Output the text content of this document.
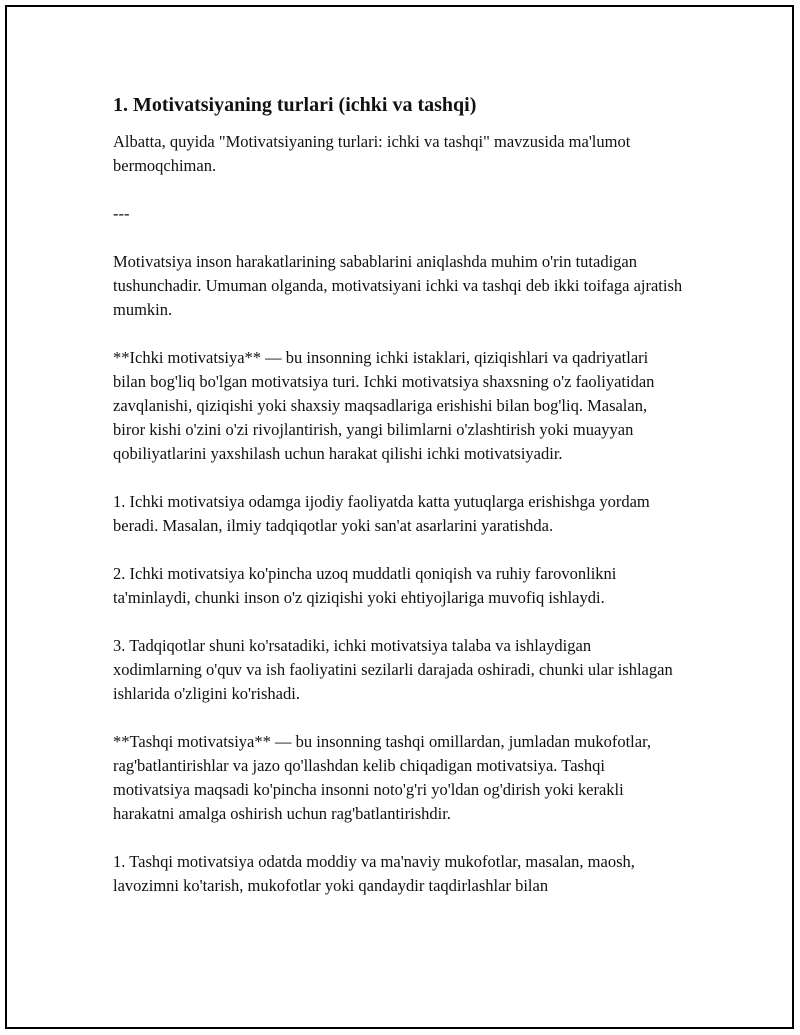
1. Motivatsiyaning turlari (ichki va tashqi)

Albatta, quyida "Motivatsiyaning turlari: ichki va tashqi" mavzusida ma'lumot bermoqchiman.

---

Motivatsiya inson harakatlarining sabablarini aniqlashda muhim o'rin tutadigan tushunchadir. Umuman olganda, motivatsiyani ichki va tashqi deb ikki toifaga ajratish mumkin.

**Ichki motivatsiya** — bu insonning ichki istaklari, qiziqishlari va qadriyatlari bilan bog'liq bo'lgan motivatsiya turi. Ichki motivatsiya shaxsning o'z faoliyatidan zavqlanishi, qiziqishi yoki shaxsiy maqsadlariga erishishi bilan bog'liq. Masalan, biror kishi o'zini o'zi rivojlantirish, yangi bilimlarni o'zlashtirish yoki muayyan qobiliyatlarini yaxshilash uchun harakat qilishi ichki motivatsiyadir.

1. Ichki motivatsiya odamga ijodiy faoliyatda katta yutuqlarga erishishga yordam beradi. Masalan, ilmiy tadqiqotlar yoki san'at asarlarini yaratishda.

2. Ichki motivatsiya ko'pincha uzoq muddatli qoniqish va ruhiy farovonlikni ta'minlaydi, chunki inson o'z qiziqishi yoki ehtiyojlariga muvofiq ishlaydi.

3. Tadqiqotlar shuni ko'rsatadiki, ichki motivatsiya talaba va ishlaydigan xodimlarning o'quv va ish faoliyatini sezilarli darajada oshiradi, chunki ular ishlagan ishlarida o'zligini ko'rishadi.

**Tashqi motivatsiya** — bu insonning tashqi omillardan, jumladan mukofotlar, rag'batlantirishlar va jazo qo'llashdan kelib chiqadigan motivatsiya. Tashqi motivatsiya maqsadi ko'pincha insonni noto'g'ri yo'ldan og'dirish yoki kerakli harakatni amalga oshirish uchun rag'batlantirishdir.

1. Tashqi motivatsiya odatda moddiy va ma'naviy mukofotlar, masalan, maosh, lavozimni ko'tarish, mukofotlar yoki qandaydir taqdirlashlar bilan
